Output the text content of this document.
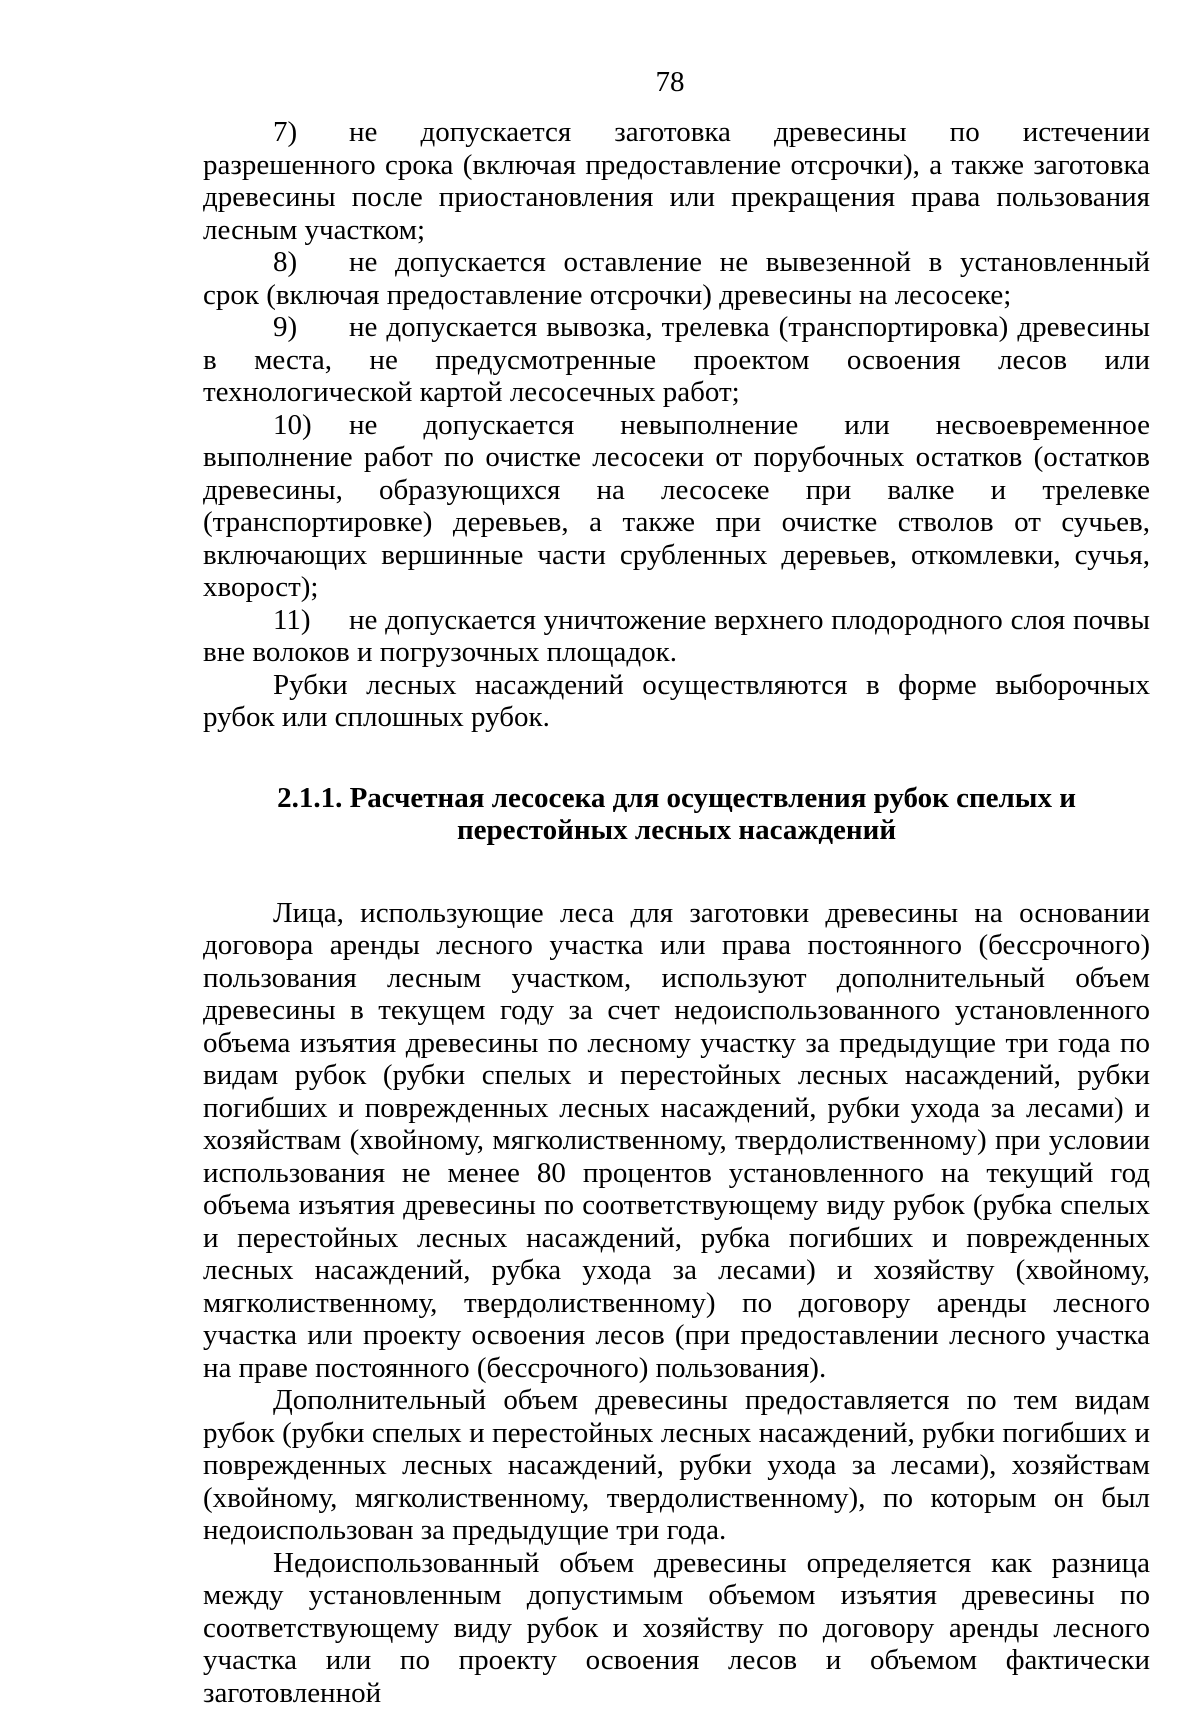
78
7) не допускается заготовка древесины по истечении разрешенного срока (включая предоставление отсрочки), а также заготовка древесины после приостановления или прекращения права пользования лесным участком;
8) не допускается оставление не вывезенной в установленный срок (включая предоставление отсрочки) древесины на лесосеке;
9) не допускается вывозка, трелевка (транспортировка) древесины в места, не предусмотренные проектом освоения лесов или технологической картой лесосечных работ;
10) не допускается невыполнение или несвоевременное выполнение работ по очистке лесосеки от порубочных остатков (остатков древесины, образующихся на лесосеке при валке и трелевке (транспортировке) деревьев, а также при очистке стволов от сучьев, включающих вершинные части срубленных деревьев, откомлевки, сучья, хворост);
11) не допускается уничтожение верхнего плодородного слоя почвы вне волоков и погрузочных площадок.

Рубки лесных насаждений осуществляются в форме выборочных рубок или сплошных рубок.

2.1.1. Расчетная лесосека для осуществления рубок спелых и
перестойных лесных насаждений

Лица, использующие леса для заготовки древесины на основании договора аренды лесного участка или права постоянного (бессрочного) пользования лесным участком, используют дополнительный объем древесины в текущем году за счет недоиспользованного установленного объема изъятия древесины по лесному участку за предыдущие три года по видам рубок (рубки спелых и перестойных лесных насаждений, рубки погибших и поврежденных лесных насаждений, рубки ухода за лесами) и хозяйствам (хвойному, мягколиственному, твердолиственному) при условии использования не менее 80 процентов установленного на текущий год объема изъятия древесины по соответствующему виду рубок (рубка спелых и перестойных лесных насаждений, рубка погибших и поврежденных лесных насаждений, рубка ухода за лесами) и хозяйству (хвойному, мягколиственному, твердолиственному) по договору аренды лесного участка или проекту освоения лесов (при предоставлении лесного участка на праве постоянного (бессрочного) пользования).

Дополнительный объем древесины предоставляется по тем видам рубок (рубки спелых и перестойных лесных насаждений, рубки погибших и поврежденных лесных насаждений, рубки ухода за лесами), хозяйствам (хвойному, мягколиственному, твердолиственному), по которым он был недоиспользован за предыдущие три года.

Недоиспользованный объем древесины определяется как разница между установленным допустимым объемом изъятия древесины по соответствующему виду рубок и хозяйству по договору аренды лесного участка или по проекту освоения лесов и объемом фактически заготовленной
